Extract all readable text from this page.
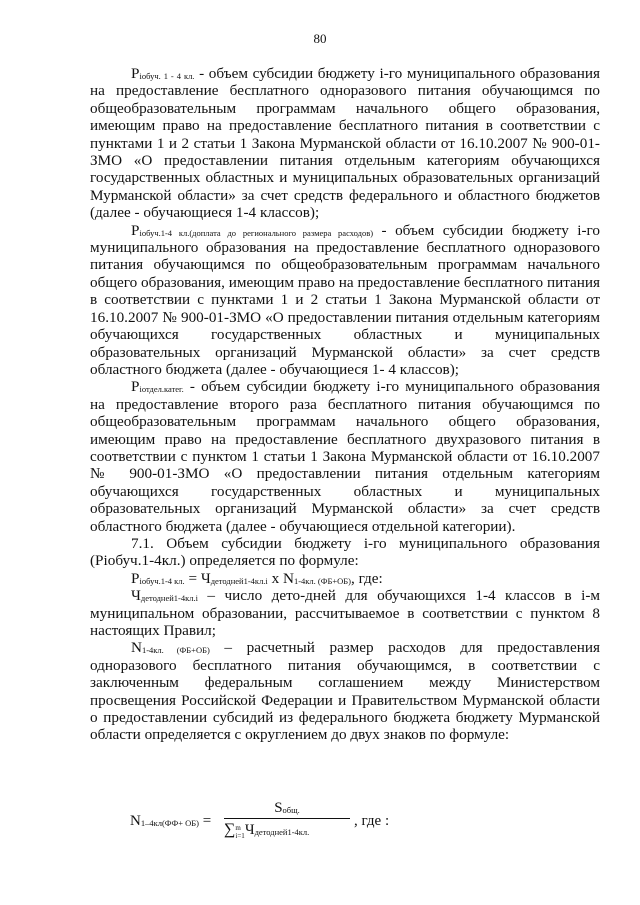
80

Piобуч. 1 - 4 кл. - объем субсидии бюджету i-го муниципального образования на предоставление бесплатного одноразового питания обучающимся по общеобразовательным программам начального общего образования, имеющим право на предоставление бесплатного питания в соответствии с пунктами 1 и 2 статьи 1 Закона Мурманской области от 16.10.2007 № 900-01-ЗМО «О предоставлении питания отдельным категориям обучающихся государственных областных и муниципальных образовательных организаций Мурманской области» за счет средств федерального и областного бюджетов (далее - обучающиеся 1-4 классов);

Piобуч.1-4 кл.(доплата до регионального размера расходов) - объем субсидии бюджету i-го муниципального образования на предоставление бесплатного одноразового питания обучающимся по общеобразовательным программам начального общего образования, имеющим право на предоставление бесплатного питания в соответствии с пунктами 1 и 2 статьи 1 Закона Мурманской области от 16.10.2007 № 900-01-ЗМО «О предоставлении питания отдельным категориям обучающихся государственных областных и муниципальных образовательных организаций Мурманской области» за счет средств областного бюджета (далее - обучающиеся 1- 4 классов);

Piотдел.катег. - объем субсидии бюджету i-го муниципального образования на предоставление второго раза бесплатного питания обучающимся по общеобразовательным программам начального общего образования, имеющим право на предоставление бесплатного двухразового питания в соответствии с пунктом 1 статьи 1 Закона Мурманской области от 16.10.2007 № 900-01-ЗМО «О предоставлении питания отдельным категориям обучающихся государственных областных и муниципальных образовательных организаций Мурманской области» за счет средств областного бюджета (далее - обучающиеся отдельной категории).

7.1. Объем субсидии бюджету i-го муниципального образования (Piобуч.1-4кл.) определяется по формуле:

Piобуч.1-4 кл. = Чдетодней1-4кл.i x N1-4кл. (ФБ+ОБ), где:

Чдетодней1-4кл.i – число дето-дней для обучающихся 1-4 классов в i-м муниципальном образовании, рассчитываемое в соответствии с пунктом 8 настоящих Правил;

N1-4кл. (ФБ+ОБ) – расчетный размер расходов для предоставления одноразового бесплатного питания обучающимся, в соответствии с заключенным федеральным соглашением между Министерством просвещения Российской Федерации и Правительством Мурманской области о предоставлении субсидий из федерального бюджета бюджету Мурманской области определяется с округлением до двух знаков по формуле:

N1–4кл(ФФ+ ОБ) =
Sобщ.
∑m
i=1Чдетодней1-4кл.
, где :
